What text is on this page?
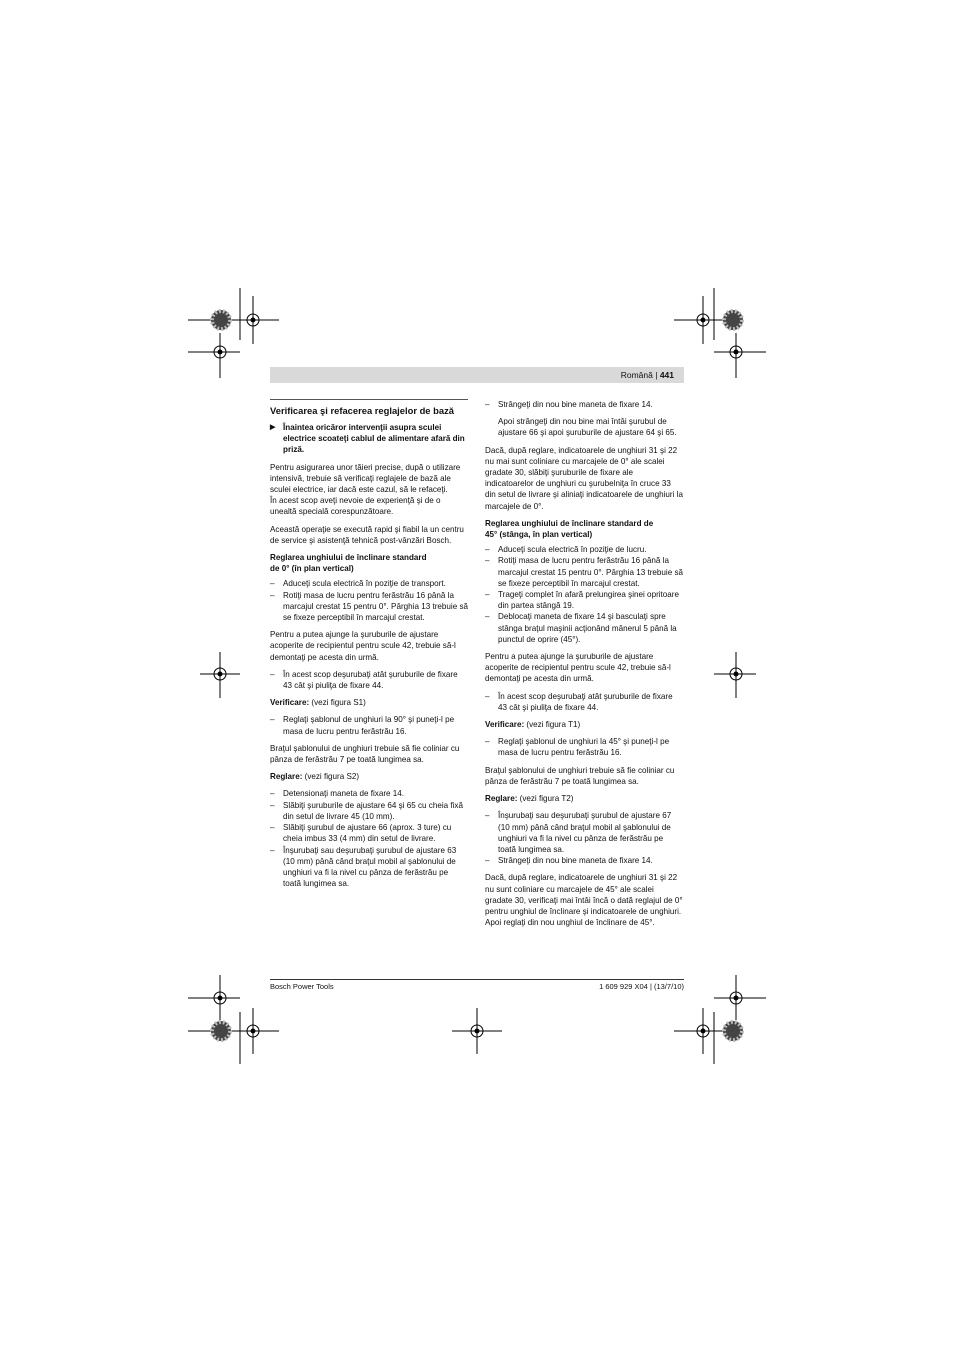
Română | 441
Verificarea şi refacerea reglajelor de bază
▶ Înaintea oricăror intervenţii asupra sculei electrice scoateţi cablul de alimentare afară din priză.

Pentru asigurarea unor tăieri precise, după o utilizare intensivă, trebuie să verificaţi reglajele de bază ale sculei electrice, iar dacă este cazul, să le refaceţi.
În acest scop aveţi nevoie de experienţă şi de o unealtă specială corespunzătoare.

Această operaţie se execută rapid şi fiabil la un centru de service şi asistenţă tehnică post-vânzări Bosch.

Reglarea unghiului de înclinare standard
de 0° (în plan vertical)
– Aduceţi scula electrică în poziţie de transport.
– Rotiţi masa de lucru pentru ferăstrău 16 până la marcajul crestat 15 pentru 0°. Pârghia 13 trebuie să se fixeze perceptibil în marcajul crestat.

Pentru a putea ajunge la şuruburile de ajustare acoperite de recipientul pentru scule 42, trebuie să-l demontaţi pe acesta din urmă.

– În acest scop deşurubaţi atât şuruburile de fixare 43 cât şi piuliţa de fixare 44.

Verificare: (vezi figura S1)

– Reglaţi şablonul de unghiuri la 90° şi puneţi-l pe masa de lucru pentru ferăstrău 16.

Braţul şablonului de unghiuri trebuie să fie coliniar cu pânza de ferăstrău 7 pe toată lungimea sa.

Reglare: (vezi figura S2)

– Detensionaţi maneta de fixare 14.
– Slăbiţi şuruburile de ajustare 64 şi 65 cu cheia fixă din setul de livrare 45 (10 mm).
– Slăbiţi şurubul de ajustare 66 (aprox. 3 ture) cu cheia imbus 33 (4 mm) din setul de livrare.
– Înşurubaţi sau deşurubaţi şurubul de ajustare 63 (10 mm) până când braţul mobil al şablonului de unghiuri va fi la nivel cu pânza de ferăstrău pe toată lungimea sa.
– Strângeţi din nou bine maneta de fixare 14.

Apoi strângeţi din nou bine mai întâi şurubul de ajustare 66 şi apoi şuruburile de ajustare 64 şi 65.

Dacă, după reglare, indicatoarele de unghiuri 31 şi 22 nu mai sunt coliniare cu marcajele de 0° ale scalei gradate 30, slăbiţi şuruburile de fixare ale indicatoarelor de unghiuri cu şurubelniţa în cruce 33 din setul de livrare şi aliniaţi indicatoarele de unghiuri la marcajele de 0°.

Reglarea unghiului de înclinare standard de
45° (stânga, în plan vertical)
– Aduceţi scula electrică în poziţie de lucru.
– Rotiţi masa de lucru pentru ferăstrău 16 până la marcajul crestat 15 pentru 0°. Pârghia 13 trebuie să se fixeze perceptibil în marcajul crestat.
– Trageţi complet în afară prelungirea şinei opritoare din partea stângă 19.
– Deblocaţi maneta de fixare 14 şi basculaţi spre stânga braţul maşinii acţionând mânerul 5 până la punctul de oprire (45°).

Pentru a putea ajunge la şuruburile de ajustare acoperite de recipientul pentru scule 42, trebuie să-l demontaţi pe acesta din urmă.

– În acest scop deşurubaţi atât şuruburile de fixare 43 cât şi piuliţa de fixare 44.

Verificare: (vezi figura T1)

– Reglaţi şablonul de unghiuri la 45° şi puneţi-l pe masa de lucru pentru ferăstrău 16.

Braţul şablonului de unghiuri trebuie să fie coliniar cu pânza de ferăstrău 7 pe toată lungimea sa.

Reglare: (vezi figura T2)

– Înşurubaţi sau deşurubaţi şurubul de ajustare 67 (10 mm) până când braţul mobil al şablonului de unghiuri va fi la nivel cu pânza de ferăstrău pe toată lungimea sa.
– Strângeţi din nou bine maneta de fixare 14.

Dacă, după reglare, indicatoarele de unghiuri 31 şi 22 nu sunt coliniare cu marcajele de 45° ale scalei gradate 30, verificaţi mai întâi încă o dată reglajul de 0° pentru unghiul de înclinare şi indicatoarele de unghiuri. Apoi reglaţi din nou unghiul de înclinare de 45°.

Bosch Power Tools	1 609 929 X04 | (13/7/10)
